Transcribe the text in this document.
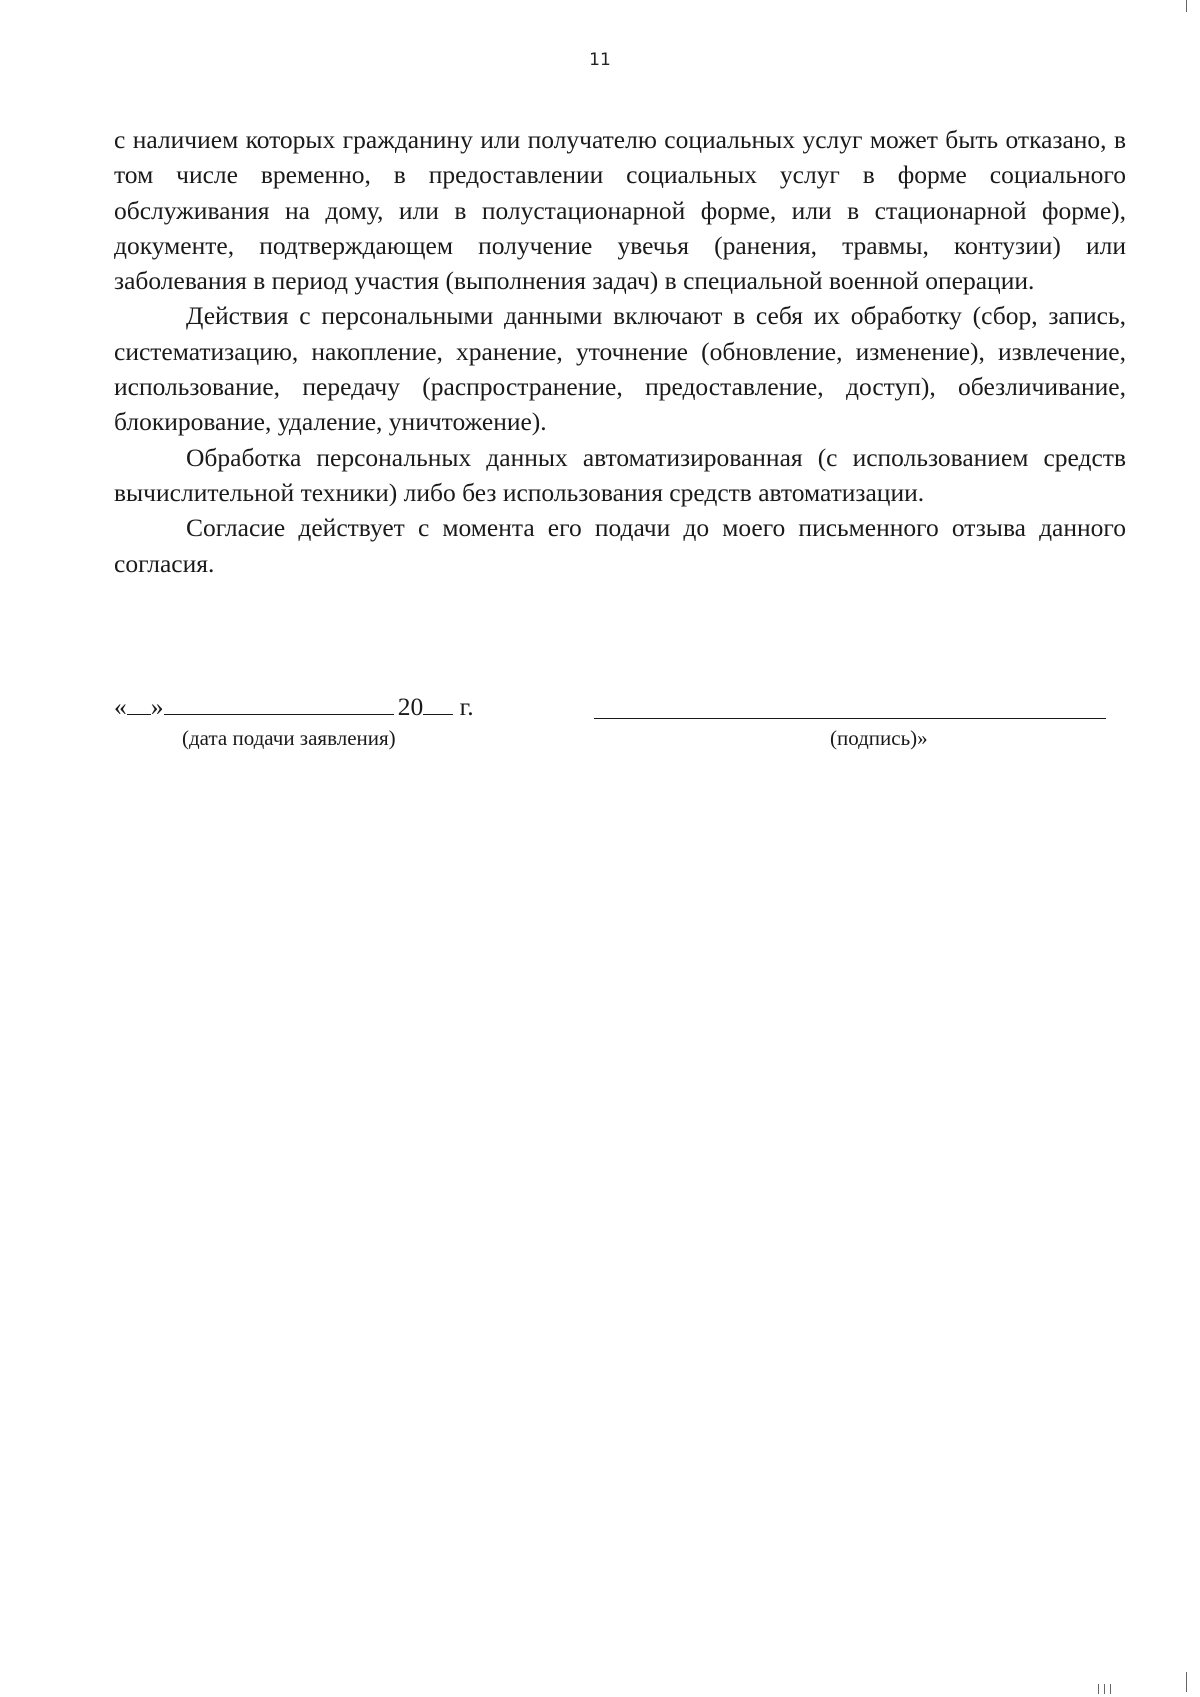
11

с наличием которых гражданину или получателю социальных услуг может быть отказано, в том числе временно, в предоставлении социальных услуг в форме социального обслуживания на дому, или в полустационарной форме, или в стационарной форме), документе, подтверждающем получение увечья (ранения, травмы, контузии) или заболевания в период участия (выполнения задач) в специальной военной операции.

Действия с персональными данными включают в себя их обработку (сбор, запись, систематизацию, накопление, хранение, уточнение (обновление, изменение), извлечение, использование, передачу (распространение, предоставление, доступ), обезличивание, блокирование, удаление, уничтожение).

Обработка персональных данных автоматизированная (с использованием средств вычислительной техники) либо без использования средств автоматизации.

Согласие действует с момента его подачи до моего письменного отзыва данного согласия.

« »  	20 г.
(дата подачи заявления)	(подпись)»
